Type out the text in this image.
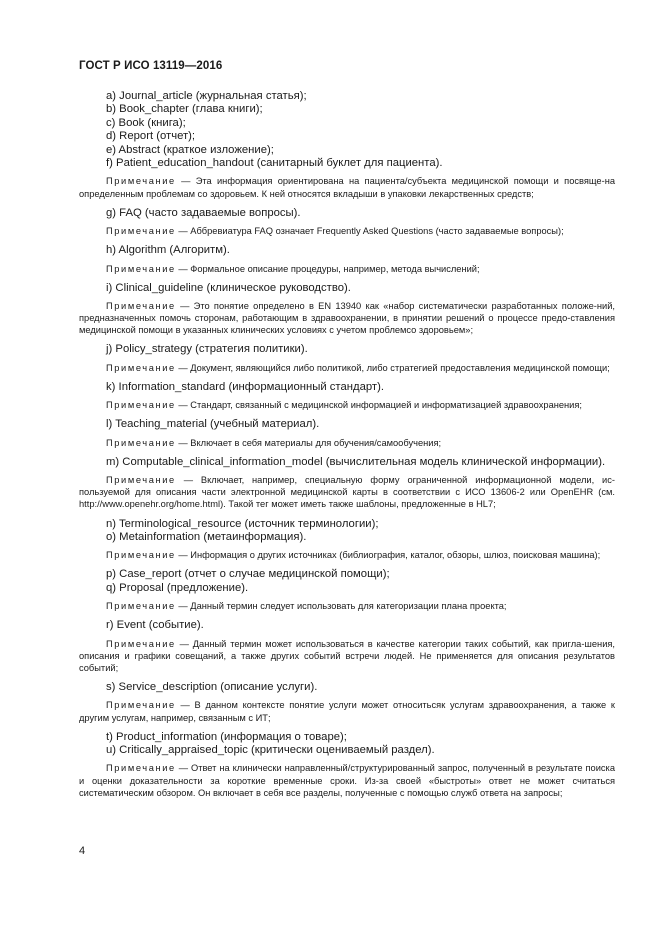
ГОСТ Р ИСО 13119—2016
a) Journal_article (журнальная статья);
b) Book_chapter (глава книги);
c) Book (книга);
d) Report (отчет);
e) Abstract (краткое изложение);
f) Patient_education_handout (санитарный буклет для пациента).
Примечание — Эта информация ориентирована на пациента/субъекта медицинской помощи и посвяще-на определенным проблемам со здоровьем. К ней относятся вкладыши в упаковки лекарственных средств;
g) FAQ (часто задаваемые вопросы).
Примечание — Аббревиатура FAQ означает Frequently Asked Questions (часто задаваемые вопросы);
h) Algorithm (Алгоритм).
Примечание — Формальное описание процедуры, например, метода вычислений;
i) Clinical_guideline (клиническое руководство).
Примечание — Это понятие определено в EN 13940 как «набор систематически разработанных положе-ний, предназначенных помочь сторонам, работающим в здравоохранении, в принятии решений о процессе предо-ставления медицинской помощи в указанных клинических условиях с учетом проблемсо здоровьем»;
j) Policy_strategy (стратегия политики).
Примечание — Документ, являющийся либо политикой, либо стратегией предоставления медицинской помощи;
k) Information_standard (информационный стандарт).
Примечание — Стандарт, связанный с медицинской информацией и информатизацией здравоохранения;
l) Teaching_material (учебный материал).
Примечание — Включает в себя материалы для обучения/самообучения;
m) Computable_clinical_information_model (вычислительная модель клинической информации).
Примечание — Включает, например, специальную форму ограниченной информационной модели, ис-пользуемой для описания части электронной медицинской карты в соответствии с ИСО 13606-2 или OpenEHR (см. http://www.openehr.org/home.html). Такой тег может иметь также шаблоны, предложенные в HL7;
n) Terminological_resource (источник терминологии);
o) Metainformation (метаинформация).
Примечание — Информация о других источниках (библиография, каталог, обзоры, шлюз, поисковая машина);
p) Case_report (отчет о случае медицинской помощи);
q) Proposal (предложение).
Примечание — Данный термин следует использовать для категоризации плана проекта;
r) Event (событие).
Примечание — Данный термин может использоваться в качестве категории таких событий, как пригла-шения, описания и графики совещаний, а также других событий встречи людей. Не применяется для описания результатов событий;
s) Service_description (описание услуги).
Примечание — В данном контексте понятие услуги может относитьсяк услугам здравоохранения, а также к другим услугам, например, связанным с ИТ;
t) Product_information (информация о товаре);
u) Critically_appraised_topic (критически оцениваемый раздел).
Примечание — Ответ на клинически направленный/структурированный запрос, полученный в результате поиска и оценки доказательности за короткие временные сроки. Из-за своей «быстроты» ответ не может считаться систематическим обзором. Он включает в себя все разделы, полученные с помощью служб ответа на запросы;
4
